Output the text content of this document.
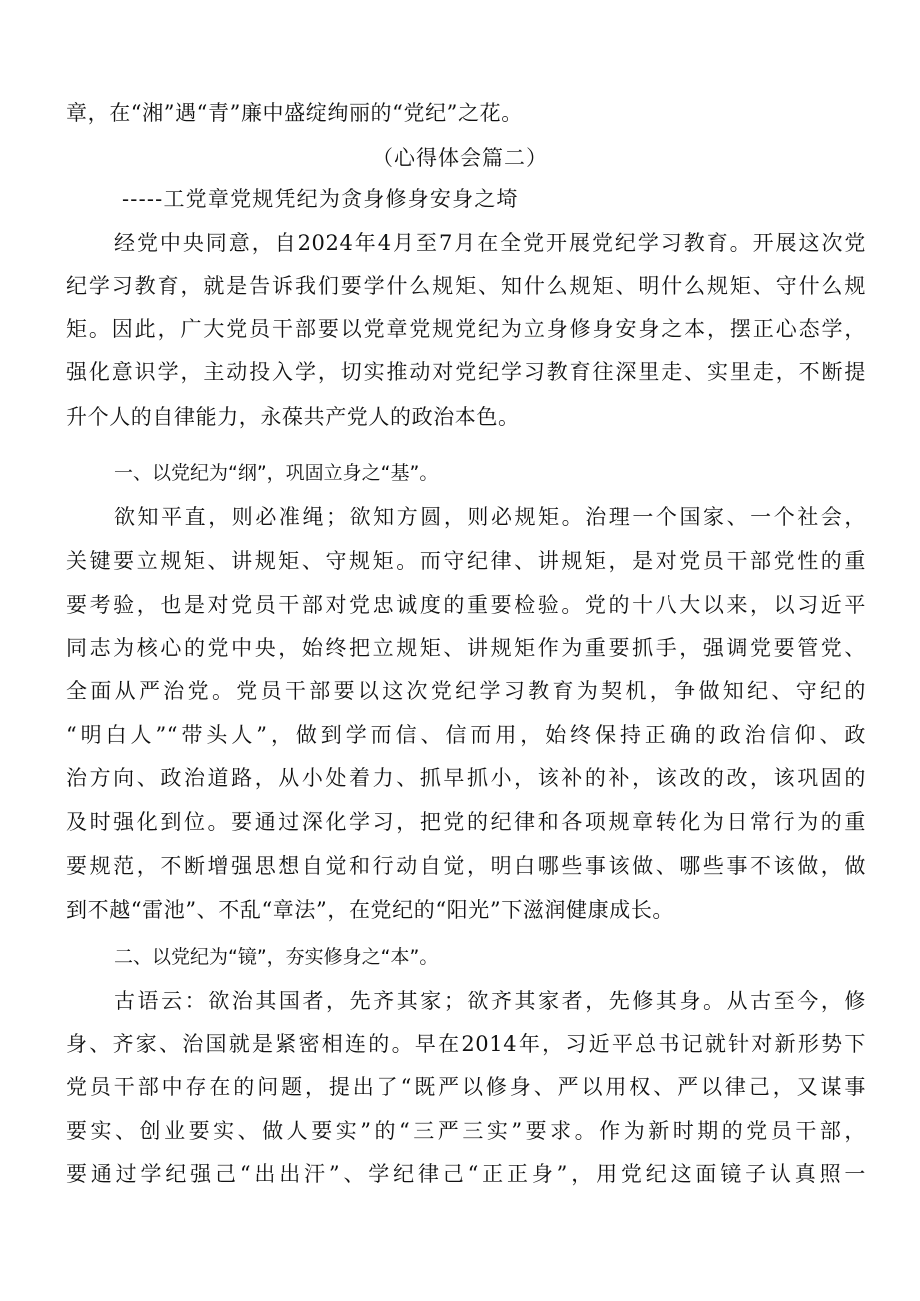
章，在“湘”遇“青”廉中盛绽绚丽的“党纪”之花。
（心得体会篇二）
-----工党章党规凭纪为贪身修身安身之埼
经党中央同意，自2024年4月至7月在全党开展党纪学习教育。开展这次党
纪学习教育，就是告诉我们要学什么规矩、知什么规矩、明什么规矩、守什么规
矩。因此，广大党员干部要以党章党规党纪为立身修身安身之本，摆正心态学，
强化意识学，主动投入学，切实推动对党纪学习教育往深里走、实里走，不断提
升个人的自律能力，永葆共产党人的政治本色。
一、以党纪为“纲”，巩固立身之“基”。
欲知平直，则必准绳；欲知方圆，则必规矩。治理一个国家、一个社会，
关键要立规矩、讲规矩、守规矩。而守纪律、讲规矩，是对党员干部党性的重
要考验，也是对党员干部对党忠诚度的重要检验。党的十八大以来，以习近平
同志为核心的党中央，始终把立规矩、讲规矩作为重要抓手，强调党要管党、
全面从严治党。党员干部要以这次党纪学习教育为契机，争做知纪、守纪的
“明白人”“带头人”，做到学而信、信而用，始终保持正确的政治信仰、政
治方向、政治道路，从小处着力、抓早抓小，该补的补，该改的改，该巩固的
及时强化到位。要通过深化学习，把党的纪律和各项规章转化为日常行为的重
要规范，不断增强思想自觉和行动自觉，明白哪些事该做、哪些事不该做，做
到不越“雷池”、不乱“章法”，在党纪的“阳光”下滋润健康成长。
二、以党纪为“镜”，夯实修身之“本”。
古语云：欲治其国者，先齐其家；欲齐其家者，先修其身。从古至今，修
身、齐家、治国就是紧密相连的。早在2014年，习近平总书记就针对新形势下
党员干部中存在的问题，提出了“既严以修身、严以用权、严以律己，又谋事
要实、创业要实、做人要实”的“三严三实”要求。作为新时期的党员干部，
要通过学纪强己“出出汗”、学纪律己“正正身”，用党纪这面镜子认真照一
